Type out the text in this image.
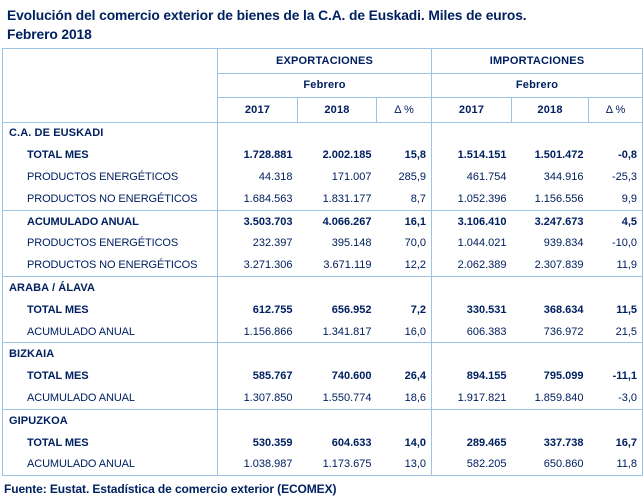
Evolución del comercio exterior de bienes de la C.A. de Euskadi. Miles de euros.
Febrero 2018
	EXPORTACIONES			IMPORTACIONES		
	Febrero			Febrero		
	2017	2018	Δ %	2017	2018	Δ %
C.A. DE EUSKADI						
TOTAL MES	1.728.881	2.002.185	15,8	1.514.151	1.501.472	-0,8
PRODUCTOS ENERGÉTICOS	44.318	171.007	285,9	461.754	344.916	-25,3
PRODUCTOS NO ENERGÉTICOS	1.684.563	1.831.177	8,7	1.052.396	1.156.556	9,9
ACUMULADO ANUAL	3.503.703	4.066.267	16,1	3.106.410	3.247.673	4,5
PRODUCTOS ENERGÉTICOS	232.397	395.148	70,0	1.044.021	939.834	-10,0
PRODUCTOS NO ENERGÉTICOS	3.271.306	3.671.119	12,2	2.062.389	2.307.839	11,9
ARABA / ÁLAVA						
TOTAL MES	612.755	656.952	7,2	330.531	368.634	11,5
ACUMULADO ANUAL	1.156.866	1.341.817	16,0	606.383	736.972	21,5
BIZKAIA						
TOTAL MES	585.767	740.600	26,4	894.155	795.099	-11,1
ACUMULADO ANUAL	1.307.850	1.550.774	18,6	1.917.821	1.859.840	-3,0
GIPUZKOA						
TOTAL MES	530.359	604.633	14,0	289.465	337.738	16,7
ACUMULADO ANUAL	1.038.987	1.173.675	13,0	582.205	650.860	11,8
Fuente: Eustat. Estadística de comercio exterior (ECOMEX)
